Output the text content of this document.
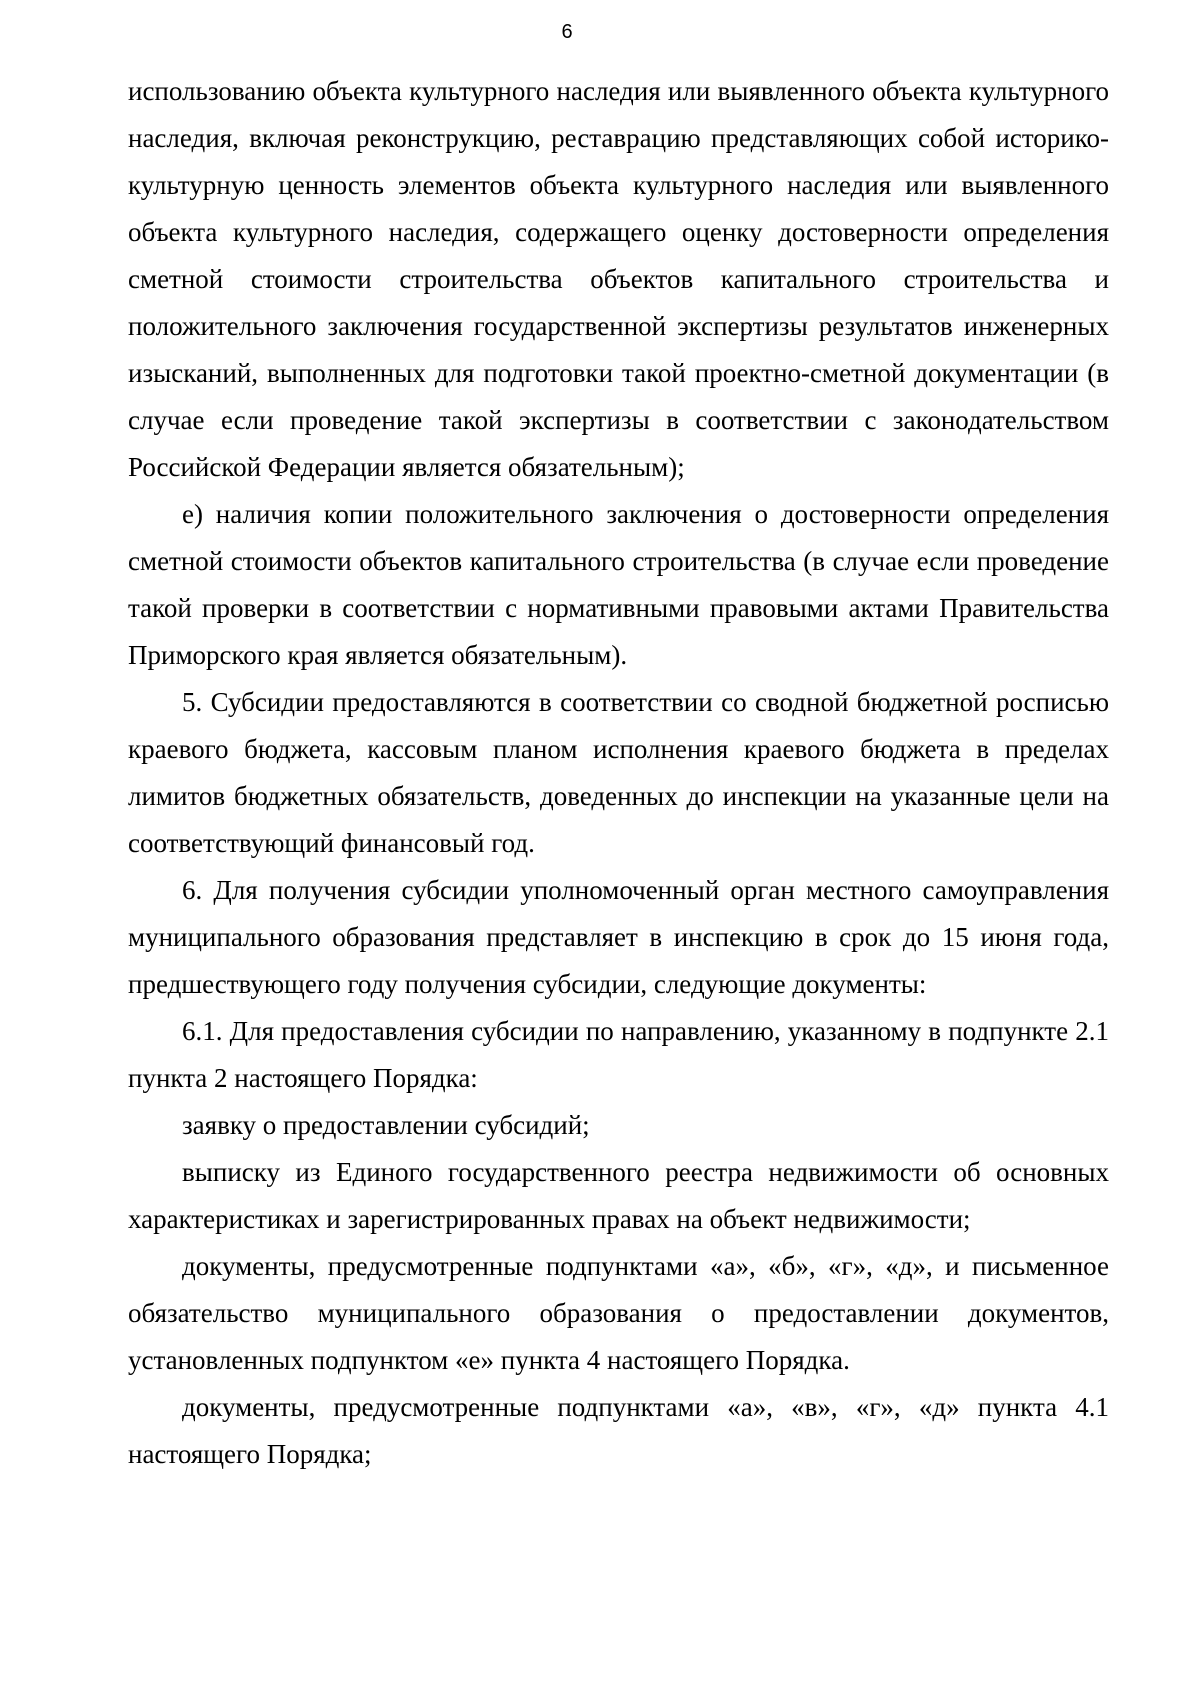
6

использованию объекта культурного наследия или выявленного объекта культурного наследия, включая реконструкцию, реставрацию представляющих собой историко-культурную ценность элементов объекта культурного наследия или выявленного объекта культурного наследия, содержащего оценку достоверности определения сметной стоимости строительства объектов капитального строительства и положительного заключения государственной экспертизы результатов инженерных изысканий, выполненных для подготовки такой проектно-сметной документации (в случае если проведение такой экспертизы в соответствии с законодательством Российской Федерации является обязательным);

е) наличия копии положительного заключения о достоверности определения сметной стоимости объектов капитального строительства (в случае если проведение такой проверки в соответствии с нормативными правовыми актами Правительства Приморского края является обязательным).

5. Субсидии предоставляются в соответствии со сводной бюджетной росписью краевого бюджета, кассовым планом исполнения краевого бюджета в пределах лимитов бюджетных обязательств, доведенных до инспекции на указанные цели на соответствующий финансовый год.

6. Для получения субсидии уполномоченный орган местного самоуправления муниципального образования представляет в инспекцию в срок до 15 июня года, предшествующего году получения субсидии, следующие документы:

6.1. Для предоставления субсидии по направлению, указанному в подпункте 2.1 пункта 2 настоящего Порядка:

заявку о предоставлении субсидий;

выписку из Единого государственного реестра недвижимости об основных характеристиках и зарегистрированных правах на объект недвижимости;

документы, предусмотренные подпунктами «а», «б», «г», «д», и письменное обязательство муниципального образования о предоставлении документов, установленных подпунктом «е» пункта 4 настоящего Порядка.

документы, предусмотренные подпунктами «а», «в», «г», «д» пункта 4.1 настоящего Порядка;
